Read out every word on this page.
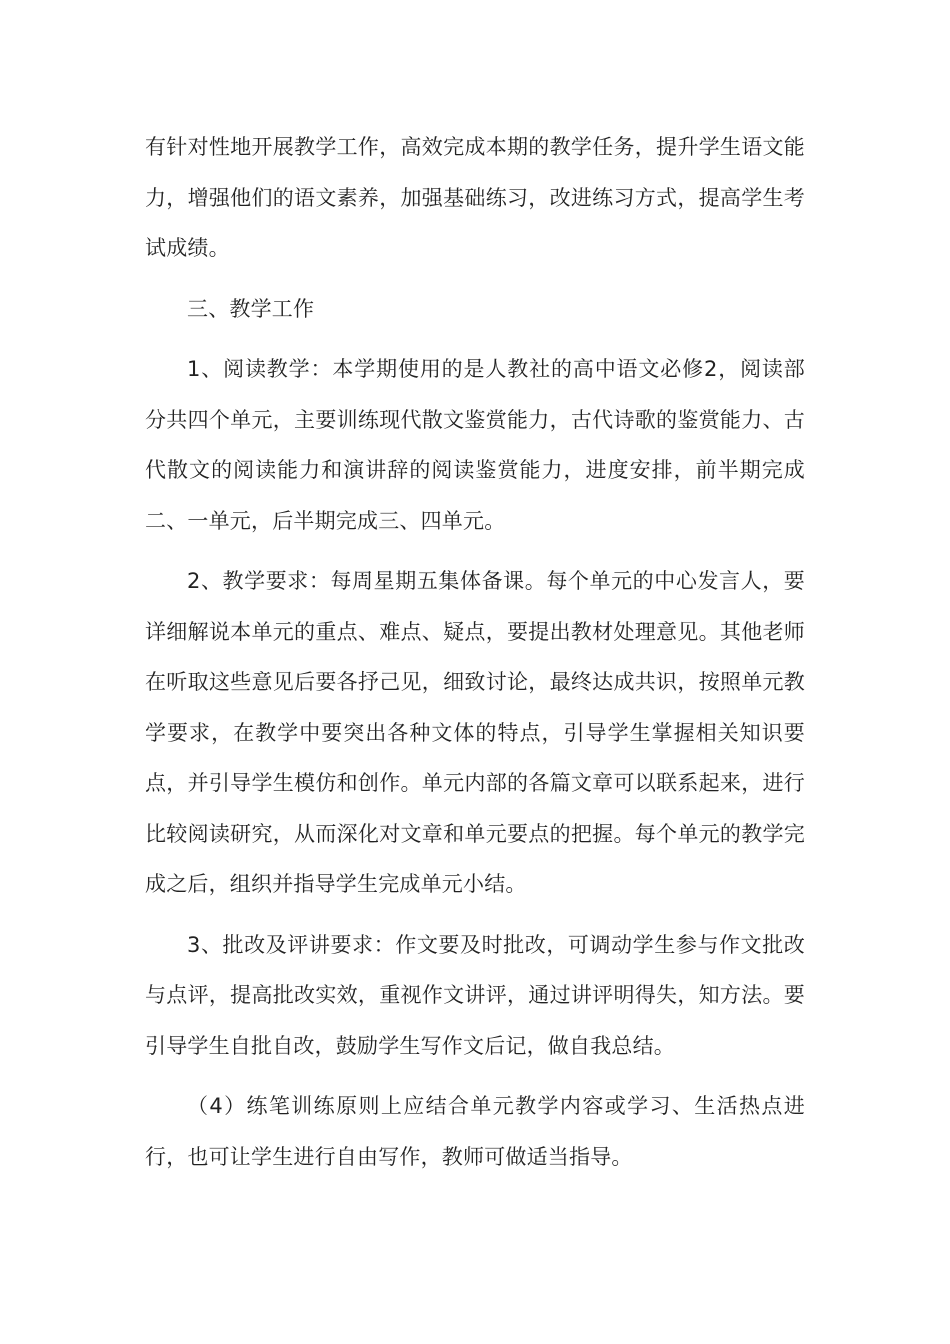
有针对性地开展教学工作，高效完成本期的教学任务，提升学生语文能力，增强他们的语文素养，加强基础练习，改进练习方式，提高学生考试成绩。

三、教学工作

1、阅读教学：本学期使用的是人教社的高中语文必修2，阅读部分共四个单元，主要训练现代散文鉴赏能力，古代诗歌的鉴赏能力、古代散文的阅读能力和演讲辞的阅读鉴赏能力，进度安排，前半期完成二、一单元，后半期完成三、四单元。

2、教学要求：每周星期五集体备课。每个单元的中心发言人，要详细解说本单元的重点、难点、疑点，要提出教材处理意见。其他老师在听取这些意见后要各抒己见，细致讨论，最终达成共识，按照单元教学要求，在教学中要突出各种文体的特点，引导学生掌握相关知识要点，并引导学生模仿和创作。单元内部的各篇文章可以联系起来，进行比较阅读研究，从而深化对文章和单元要点的把握。每个单元的教学完成之后，组织并指导学生完成单元小结。

3、批改及评讲要求：作文要及时批改，可调动学生参与作文批改与点评，提高批改实效，重视作文讲评，通过讲评明得失，知方法。要引导学生自批自改，鼓励学生写作文后记，做自我总结。

（4）练笔训练原则上应结合单元教学内容或学习、生活热点进行，也可让学生进行自由写作，教师可做适当指导。
